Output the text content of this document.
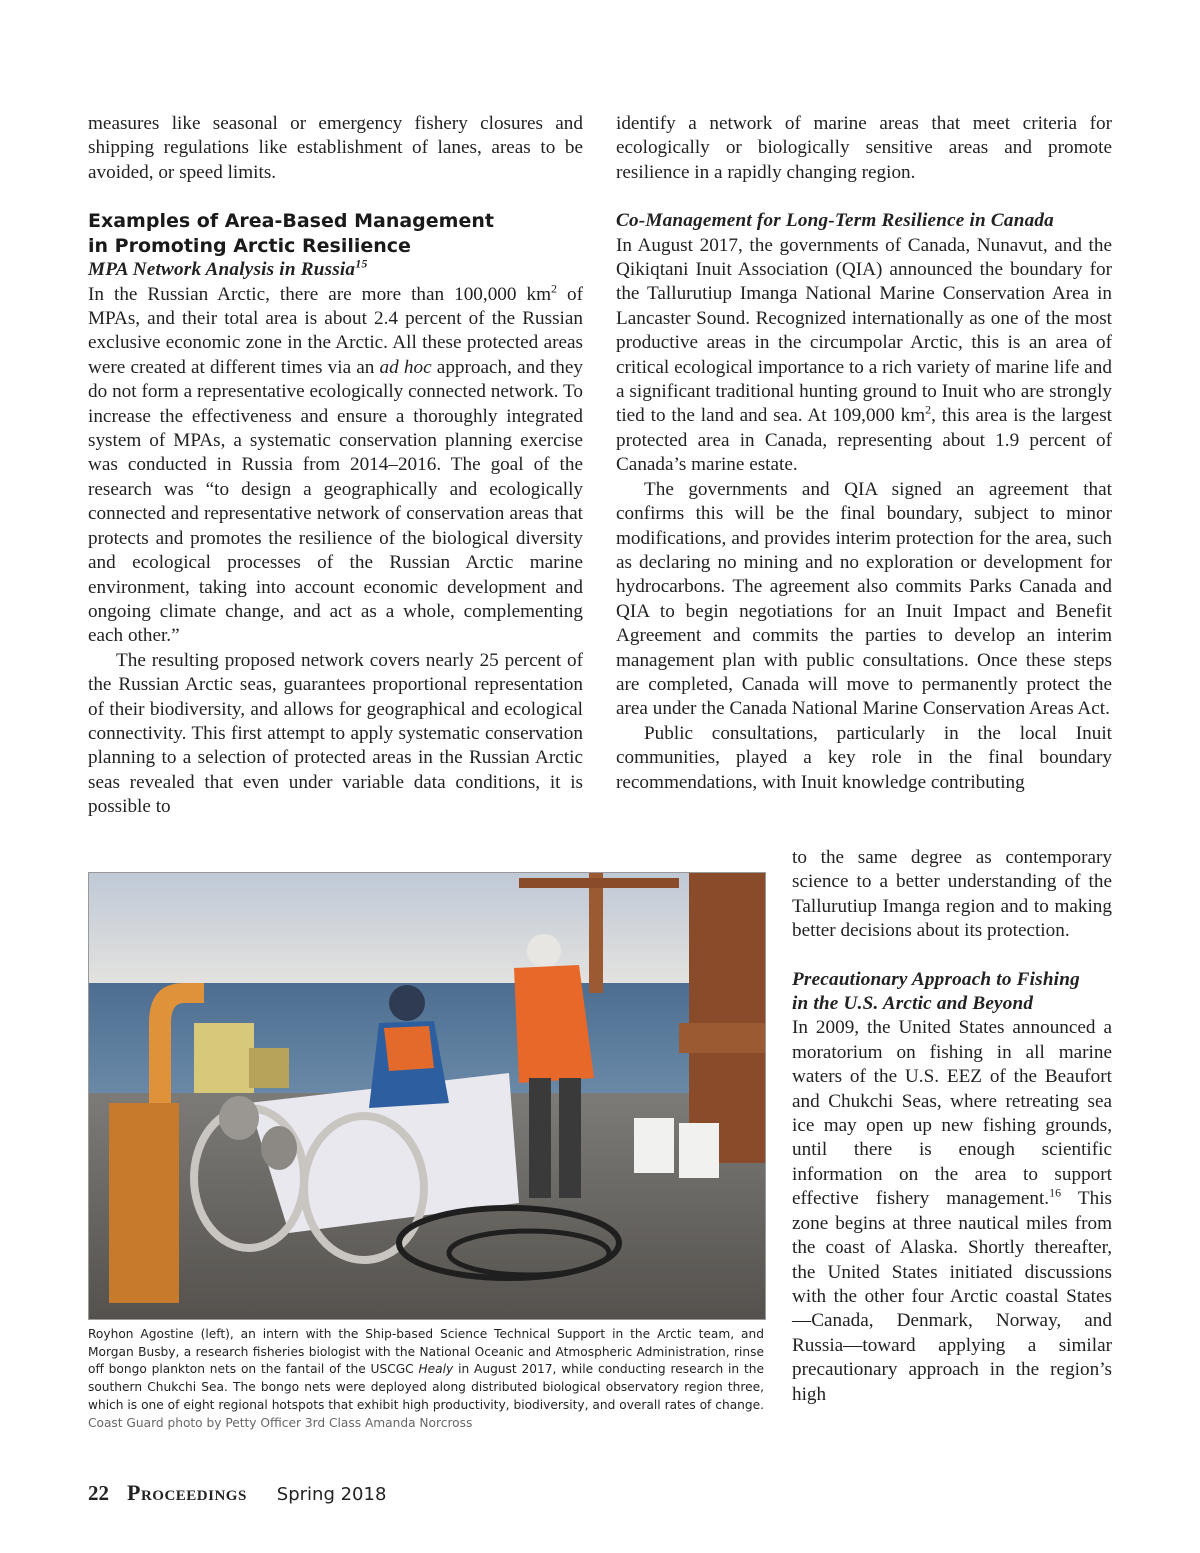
measures like seasonal or emergency fishery closures and shipping regulations like establishment of lanes, areas to be avoided, or speed limits.

Examples of Area-Based Management
in Promoting Arctic Resilience
MPA Network Analysis in Russia$^{15}$

In the Russian Arctic, there are more than 100,000 $km^2$ of MPAs, and their total area is about 2.4 percent of the Russian exclusive economic zone in the Arctic. All these protected areas were created at different times via an ad hoc approach, and they do not form a representative ecologically connected network. To increase the effectiveness and ensure a thoroughly integrated system of MPAs, a systematic conservation planning exercise was conducted in Russia from 2014–2016. The goal of the research was “to design a geographically and ecologically connected and representative network of conservation areas that protects and promotes the resilience of the biological diversity and ecological processes of the Russian Arctic marine environment, taking into account economic development and ongoing climate change, and act as a whole, complementing each other.”

The resulting proposed network covers nearly 25 percent of the Russian Arctic seas, guarantees proportional representation of their biodiversity, and allows for geographical and ecological connectivity. This first attempt to apply systematic conservation planning to a selection of protected areas in the Russian Arctic seas revealed that even under variable data conditions, it is possible to

identify a network of marine areas that meet criteria for ecologically or biologically sensitive areas and promote resilience in a rapidly changing region.

Co-Management for Long-Term Resilience in Canada

In August 2017, the governments of Canada, Nunavut, and the Qikiqtani Inuit Association (QIA) announced the boundary for the Tallurutiup Imanga National Marine Conservation Area in Lancaster Sound. Recognized internationally as one of the most productive areas in the circumpolar Arctic, this is an area of critical ecological importance to a rich variety of marine life and a significant traditional hunting ground to Inuit who are strongly tied to the land and sea. At 109,000 $km^2$, this area is the largest protected area in Canada, representing about 1.9 percent of Canada’s marine estate.

The governments and QIA signed an agreement that confirms this will be the final boundary, subject to minor modifications, and provides interim protection for the area, such as declaring no mining and no exploration or development for hydrocarbons. The agreement also commits Parks Canada and QIA to begin negotiations for an Inuit Impact and Benefit Agreement and commits the parties to develop an interim management plan with public consultations. Once these steps are completed, Canada will move to permanently protect the area under the Canada National Marine Conservation Areas Act.

Public consultations, particularly in the local Inuit communities, played a key role in the final boundary recommendations, with Inuit knowledge contributing

to the same degree as contemporary science to a better understanding of the Tallurutiup Imanga region and to making better decisions about its protection.

Precautionary Approach to Fishing
in the U.S. Arctic and Beyond

In 2009, the United States announced a moratorium on fishing in all marine waters of the U.S. EEZ of the Beaufort and Chukchi Seas, where retreating sea ice may open up new fishing grounds, until there is enough scientific information on the area to support effective fishery management.$^{16}$ This zone begins at three nautical miles from the coast of Alaska. Shortly thereafter, the United States initiated discussions with the other four Arctic coastal States—Canada, Denmark, Norway, and Russia—toward applying a similar precautionary approach in the region’s high

Royhon Agostine (left), an intern with the Ship-based Science Technical Support in the Arctic team, and Morgan Busby, a research fisheries biologist with the National Oceanic and Atmospheric Administration, rinse off bongo plankton nets on the fantail of the USCGC Healy in August 2017, while conducting research in the southern Chukchi Sea. The bongo nets were deployed along distributed biological observatory region three, which is one of eight regional hotspots that exhibit high productivity, biodiversity, and overall rates of change. Coast Guard photo by Petty Officer 3rd Class Amanda Norcross
22 Proceedings Spring 2018
